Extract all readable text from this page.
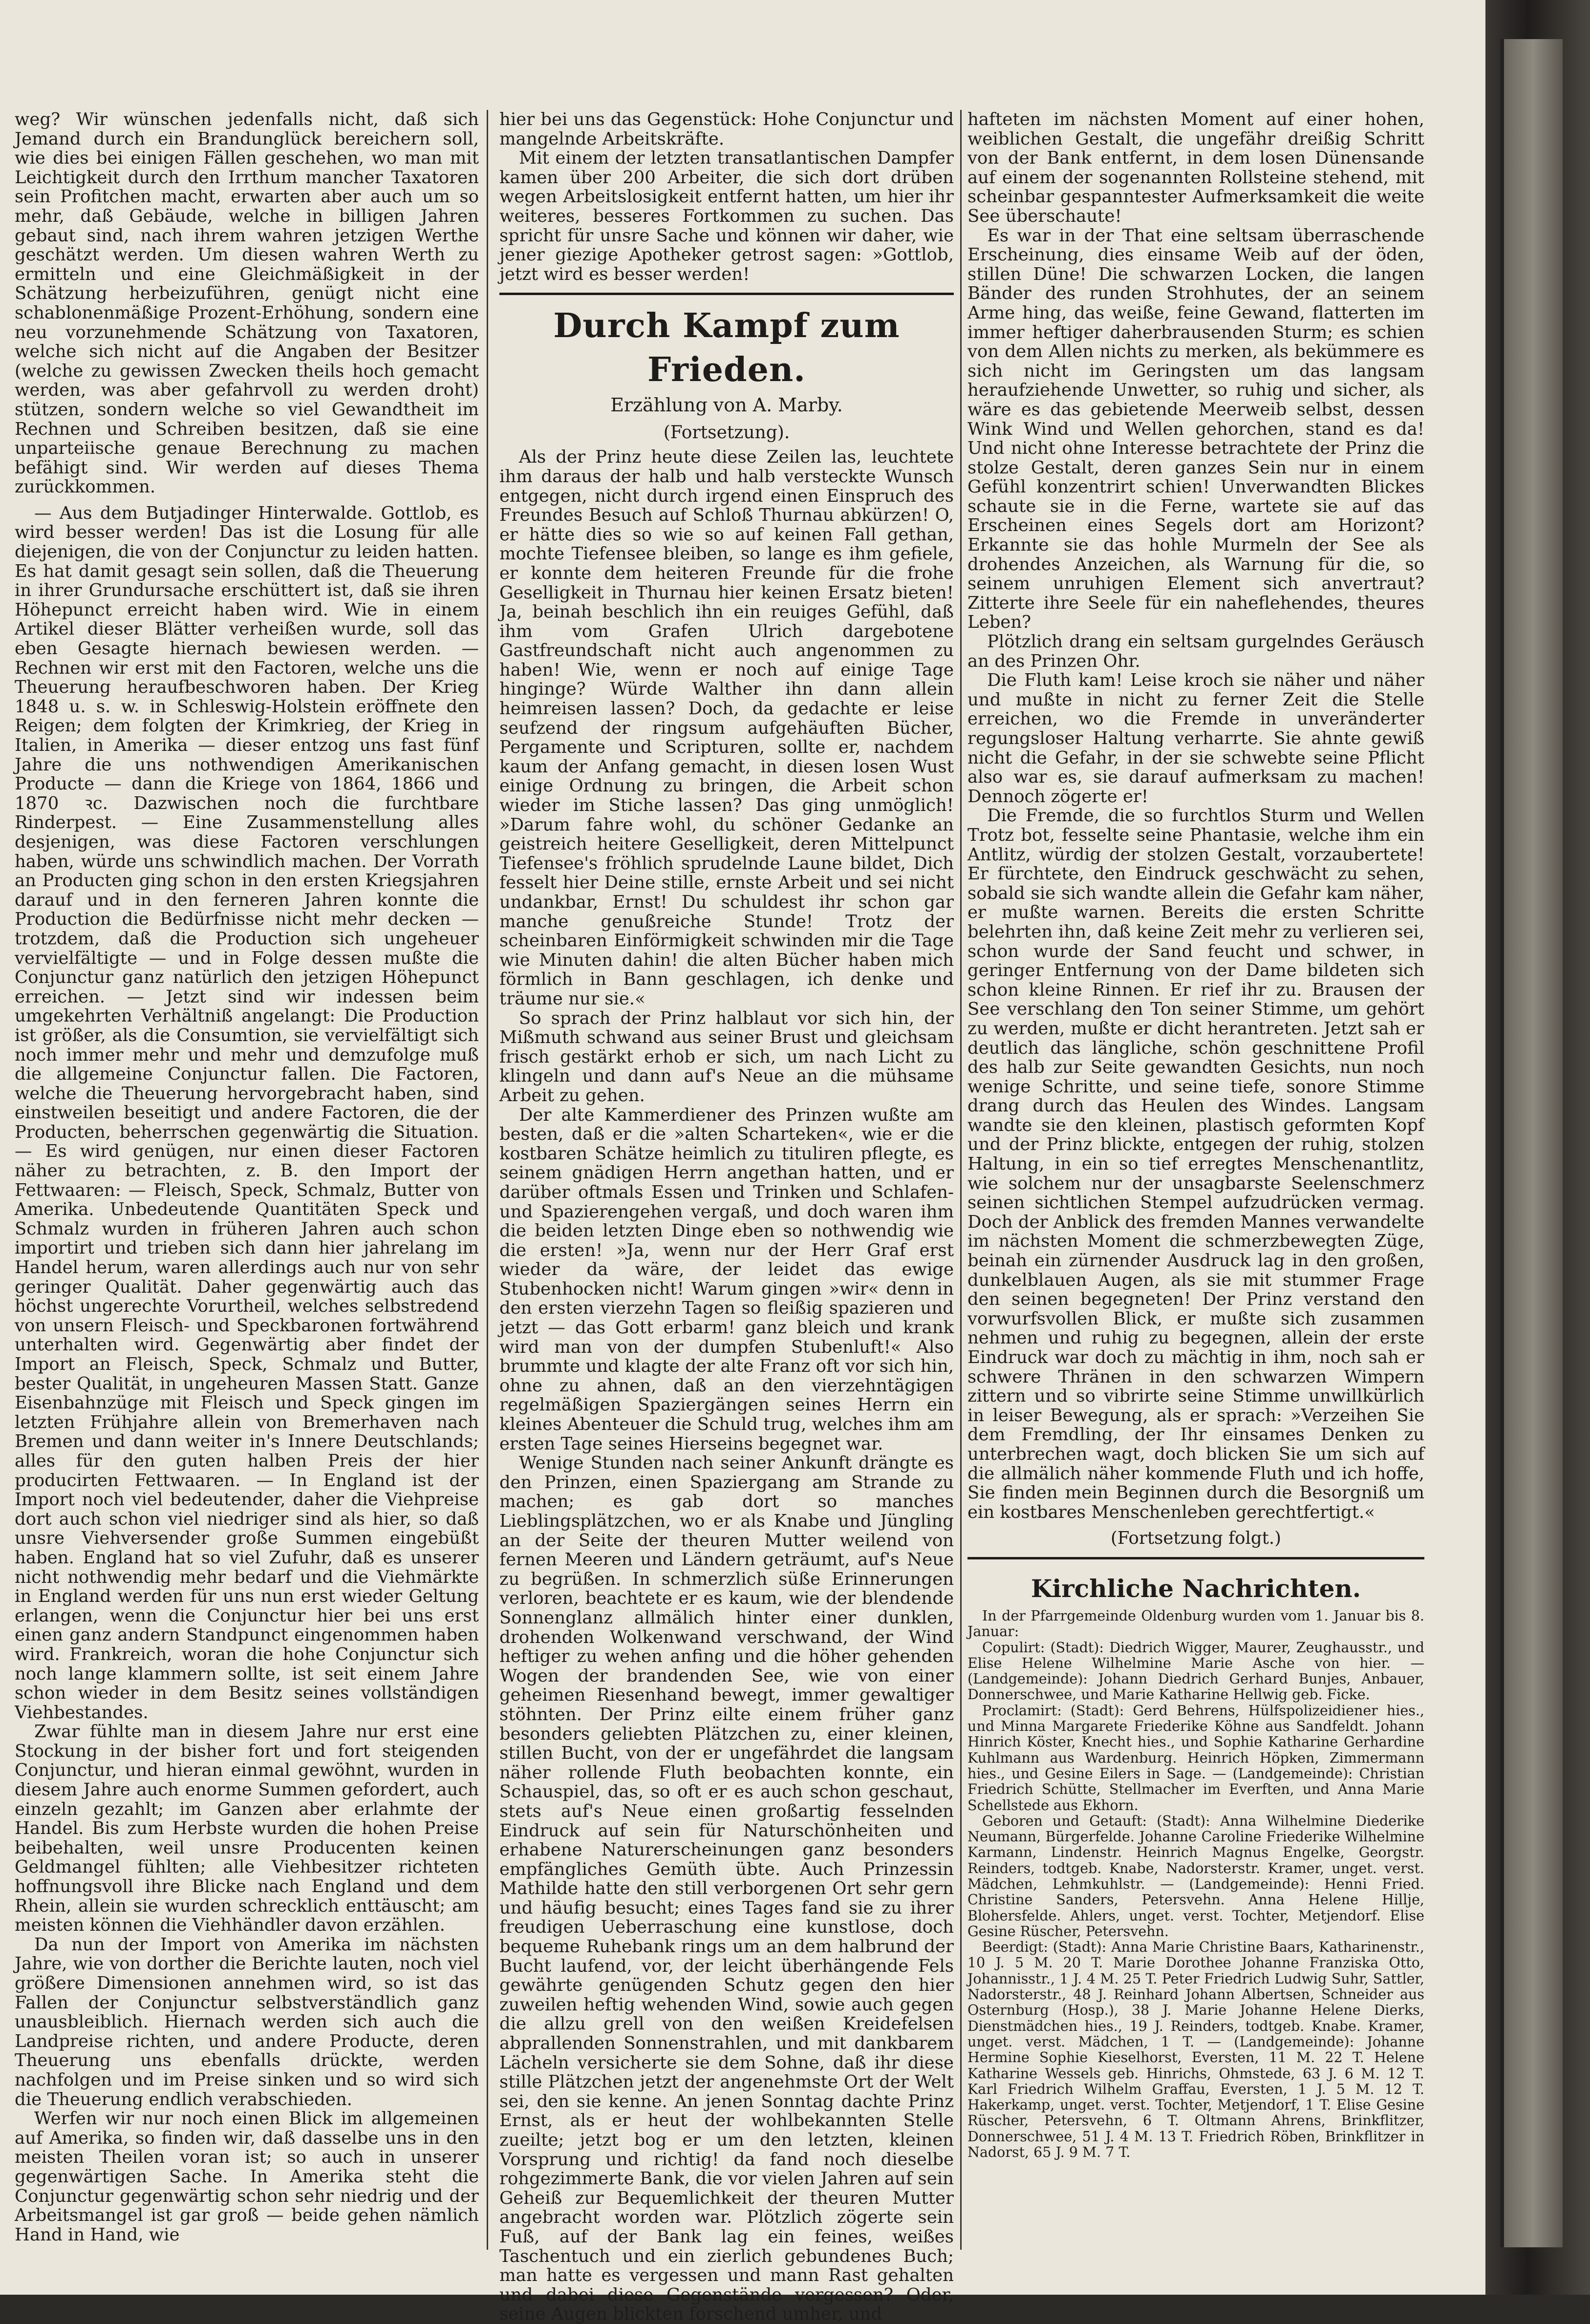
weg? Wir wünschen jedenfalls nicht, daß sich Jemand durch ein Brandunglück bereichern soll, wie dies bei einigen Fällen geschehen, wo man mit Leichtigkeit durch den Irrthum mancher Taxatoren sein Profitchen macht, erwarten aber auch um so mehr, daß Gebäude, welche in billigen Jahren gebaut sind, nach ihrem wahren jetzigen Werthe geschätzt werden. Um diesen wahren Werth zu ermitteln und eine Gleichmäßigkeit in der Schätzung herbeizuführen, genügt nicht eine schablonenmäßige Prozent-Erhöhung, sondern eine neu vorzunehmende Schätzung von Taxatoren, welche sich nicht auf die Angaben der Besitzer (welche zu gewissen Zwecken theils hoch gemacht werden, was aber gefahrvoll zu werden droht) stützen, sondern welche so viel Gewandtheit im Rechnen und Schreiben besitzen, daß sie eine unparteiische genaue Berechnung zu machen befähigt sind. Wir werden auf dieses Thema zurückkommen.

— Aus dem Butjadinger Hinterwalde. Gottlob, es wird besser werden! Das ist die Losung für alle diejenigen, die von der Conjunctur zu leiden hatten. Es hat damit gesagt sein sollen, daß die Theuerung in ihrer Grundursache erschüttert ist, daß sie ihren Höhepunct erreicht haben wird. Wie in einem Artikel dieser Blätter verheißen wurde, soll das eben Gesagte hiernach bewiesen werden. — Rechnen wir erst mit den Factoren, welche uns die Theuerung heraufbeschworen haben. Der Krieg 1848 u. s. w. in Schleswig-Holstein eröffnete den Reigen; dem folgten der Krimkrieg, der Krieg in Italien, in Amerika — dieser entzog uns fast fünf Jahre die uns nothwendigen Amerikanischen Producte — dann die Kriege von 1864, 1866 und 1870 ꝛc. Dazwischen noch die furchtbare Rinderpest. — Eine Zusammenstellung alles desjenigen, was diese Factoren verschlungen haben, würde uns schwindlich machen. Der Vorrath an Producten ging schon in den ersten Kriegsjahren darauf und in den ferneren Jahren konnte die Production die Bedürfnisse nicht mehr decken — trotzdem, daß die Production sich ungeheuer vervielfältigte — und in Folge dessen mußte die Conjunctur ganz natürlich den jetzigen Höhepunct erreichen. — Jetzt sind wir indessen beim umgekehrten Verhältniß angelangt: Die Production ist größer, als die Consumtion, sie vervielfältigt sich noch immer mehr und mehr und demzufolge muß die allgemeine Conjunctur fallen. Die Factoren, welche die Theuerung hervorgebracht haben, sind einstweilen beseitigt und andere Factoren, die der Producten, beherrschen gegenwärtig die Situation. — Es wird genügen, nur einen dieser Factoren näher zu betrachten, z. B. den Import der Fettwaaren: — Fleisch, Speck, Schmalz, Butter von Amerika. Unbedeutende Quantitäten Speck und Schmalz wurden in früheren Jahren auch schon importirt und trieben sich dann hier jahrelang im Handel herum, waren allerdings auch nur von sehr geringer Qualität. Daher gegenwärtig auch das höchst ungerechte Vorurtheil, welches selbstredend von unsern Fleisch- und Speckbaronen fortwährend unterhalten wird. Gegenwärtig aber findet der Import an Fleisch, Speck, Schmalz und Butter, bester Qualität, in ungeheuren Massen Statt. Ganze Eisenbahnzüge mit Fleisch und Speck gingen im letzten Frühjahre allein von Bremerhaven nach Bremen und dann weiter in's Innere Deutschlands; alles für den guten halben Preis der hier producirten Fettwaaren. — In England ist der Import noch viel bedeutender, daher die Viehpreise dort auch schon viel niedriger sind als hier, so daß unsre Viehversender große Summen eingebüßt haben. England hat so viel Zufuhr, daß es unserer nicht nothwendig mehr bedarf und die Viehmärkte in England werden für uns nun erst wieder Geltung erlangen, wenn die Conjunctur hier bei uns erst einen ganz andern Standpunct eingenommen haben wird. Frankreich, woran die hohe Conjunctur sich noch lange klammern sollte, ist seit einem Jahre schon wieder in dem Besitz seines vollständigen Viehbestandes.

Zwar fühlte man in diesem Jahre nur erst eine Stockung in der bisher fort und fort steigenden Conjunctur, und hieran einmal gewöhnt, wurden in diesem Jahre auch enorme Summen gefordert, auch einzeln gezahlt; im Ganzen aber erlahmte der Handel. Bis zum Herbste wurden die hohen Preise beibehalten, weil unsre Producenten keinen Geldmangel fühlten; alle Viehbesitzer richteten hoffnungsvoll ihre Blicke nach England und dem Rhein, allein sie wurden schrecklich enttäuscht; am meisten können die Viehhändler davon erzählen.

Da nun der Import von Amerika im nächsten Jahre, wie von dorther die Berichte lauten, noch viel größere Dimensionen annehmen wird, so ist das Fallen der Conjunctur selbstverständlich ganz unausbleiblich. Hiernach werden sich auch die Landpreise richten, und andere Producte, deren Theuerung uns ebenfalls drückte, werden nachfolgen und im Preise sinken und so wird sich die Theuerung endlich verabschieden.

Werfen wir nur noch einen Blick im allgemeinen auf Amerika, so finden wir, daß dasselbe uns in den meisten Theilen voran ist; so auch in unserer gegenwärtigen Sache. In Amerika steht die Conjunctur gegenwärtig schon sehr niedrig und der Arbeitsmangel ist gar groß — beide gehen nämlich Hand in Hand, wie

hier bei uns das Gegenstück: Hohe Conjunctur und mangelnde Arbeitskräfte.

Mit einem der letzten transatlantischen Dampfer kamen über 200 Arbeiter, die sich dort drüben wegen Arbeitslosigkeit entfernt hatten, um hier ihr weiteres, besseres Fortkommen zu suchen. Das spricht für unsre Sache und können wir daher, wie jener giezige Apotheker getrost sagen: »Gottlob, jetzt wird es besser werden!

Durch Kampf zum Frieden.
Erzählung von A. Marby.
(Fortsetzung).

Als der Prinz heute diese Zeilen las, leuchtete ihm daraus der halb und halb versteckte Wunsch entgegen, nicht durch irgend einen Einspruch des Freundes Besuch auf Schloß Thurnau abkürzen! O, er hätte dies so wie so auf keinen Fall gethan, mochte Tiefensee bleiben, so lange es ihm gefiele, er konnte dem heiteren Freunde für die frohe Geselligkeit in Thurnau hier keinen Ersatz bieten! Ja, beinah beschlich ihn ein reuiges Gefühl, daß ihm vom Grafen Ulrich dargebotene Gastfreundschaft nicht auch angenommen zu haben! Wie, wenn er noch auf einige Tage hinginge? Würde Walther ihn dann allein heimreisen lassen? Doch, da gedachte er leise seufzend der ringsum aufgehäuften Bücher, Pergamente und Scripturen, sollte er, nachdem kaum der Anfang gemacht, in diesen losen Wust einige Ordnung zu bringen, die Arbeit schon wieder im Stiche lassen? Das ging unmöglich! »Darum fahre wohl, du schöner Gedanke an geistreich heitere Geselligkeit, deren Mittelpunct Tiefensee's fröhlich sprudelnde Laune bildet, Dich fesselt hier Deine stille, ernste Arbeit und sei nicht undankbar, Ernst! Du schuldest ihr schon gar manche genußreiche Stunde! Trotz der scheinbaren Einförmigkeit schwinden mir die Tage wie Minuten dahin! die alten Bücher haben mich förmlich in Bann geschlagen, ich denke und träume nur sie.«

So sprach der Prinz halblaut vor sich hin, der Mißmuth schwand aus seiner Brust und gleichsam frisch gestärkt erhob er sich, um nach Licht zu klingeln und dann auf's Neue an die mühsame Arbeit zu gehen.

Der alte Kammerdiener des Prinzen wußte am besten, daß er die »alten Scharteken«, wie er die kostbaren Schätze heimlich zu tituliren pflegte, es seinem gnädigen Herrn angethan hatten, und er darüber oftmals Essen und Trinken und Schlafen- und Spazierengehen vergaß, und doch waren ihm die beiden letzten Dinge eben so nothwendig wie die ersten! »Ja, wenn nur der Herr Graf erst wieder da wäre, der leidet das ewige Stubenhocken nicht! Warum gingen »wir« denn in den ersten vierzehn Tagen so fleißig spazieren und jetzt — das Gott erbarm! ganz bleich und krank wird man von der dumpfen Stubenluft!« Also brummte und klagte der alte Franz oft vor sich hin, ohne zu ahnen, daß an den vierzehntägigen regelmäßigen Spaziergängen seines Herrn ein kleines Abenteuer die Schuld trug, welches ihm am ersten Tage seines Hierseins begegnet war.

Wenige Stunden nach seiner Ankunft drängte es den Prinzen, einen Spaziergang am Strande zu machen; es gab dort so manches Lieblingsplätzchen, wo er als Knabe und Jüngling an der Seite der theuren Mutter weilend von fernen Meeren und Ländern geträumt, auf's Neue zu begrüßen. In schmerzlich süße Erinnerungen verloren, beachtete er es kaum, wie der blendende Sonnenglanz allmälich hinter einer dunklen, drohenden Wolkenwand verschwand, der Wind heftiger zu wehen anfing und die höher gehenden Wogen der brandenden See, wie von einer geheimen Riesenhand bewegt, immer gewaltiger stöhnten. Der Prinz eilte einem früher ganz besonders geliebten Plätzchen zu, einer kleinen, stillen Bucht, von der er ungefährdet die langsam näher rollende Fluth beobachten konnte, ein Schauspiel, das, so oft er es auch schon geschaut, stets auf's Neue einen großartig fesselnden Eindruck auf sein für Naturschönheiten und erhabene Naturerscheinungen ganz besonders empfängliches Gemüth übte. Auch Prinzessin Mathilde hatte den still verborgenen Ort sehr gern und häufig besucht; eines Tages fand sie zu ihrer freudigen Ueberraschung eine kunstlose, doch bequeme Ruhebank rings um an dem halbrund der Bucht laufend, vor, der leicht überhängende Fels gewährte genügenden Schutz gegen den hier zuweilen heftig wehenden Wind, sowie auch gegen die allzu grell von den weißen Kreidefelsen abprallenden Sonnenstrahlen, und mit dankbarem Lächeln versicherte sie dem Sohne, daß ihr diese stille Plätzchen jetzt der angenehmste Ort der Welt sei, den sie kenne. An jenen Sonntag dachte Prinz Ernst, als er heut der wohlbekannten Stelle zueilte; jetzt bog er um den letzten, kleinen Vorsprung und richtig! da fand noch dieselbe rohgezimmerte Bank, die vor vielen Jahren auf sein Geheiß zur Bequemlichkeit der theuren Mutter angebracht worden war. Plötzlich zögerte sein Fuß, auf der Bank lag ein feines, weißes Taschentuch und ein zierlich gebundenes Buch; man hatte es vergessen und mann Rast gehalten und dabei diese Gegenstände vergessen? Oder, seine Augen blickten forschend umher, und

hafteten im nächsten Moment auf einer hohen, weiblichen Gestalt, die ungefähr dreißig Schritt von der Bank entfernt, in dem losen Dünensande auf einem der sogenannten Rollsteine stehend, mit scheinbar gespanntester Aufmerksamkeit die weite See überschaute!

Es war in der That eine seltsam überraschende Erscheinung, dies einsame Weib auf der öden, stillen Düne! Die schwarzen Locken, die langen Bänder des runden Strohhutes, der an seinem Arme hing, das weiße, feine Gewand, flatterten im immer heftiger daherbrausenden Sturm; es schien von dem Allen nichts zu merken, als bekümmere es sich nicht im Geringsten um das langsam heraufziehende Unwetter, so ruhig und sicher, als wäre es das gebietende Meerweib selbst, dessen Wink Wind und Wellen gehorchen, stand es da! Und nicht ohne Interesse betrachtete der Prinz die stolze Gestalt, deren ganzes Sein nur in einem Gefühl konzentrirt schien! Unverwandten Blickes schaute sie in die Ferne, wartete sie auf das Erscheinen eines Segels dort am Horizont? Erkannte sie das hohle Murmeln der See als drohendes Anzeichen, als Warnung für die, so seinem unruhigen Element sich anvertraut? Zitterte ihre Seele für ein naheflehendes, theures Leben?

Plötzlich drang ein seltsam gurgelndes Geräusch an des Prinzen Ohr.

Die Fluth kam! Leise kroch sie näher und näher und mußte in nicht zu ferner Zeit die Stelle erreichen, wo die Fremde in unveränderter regungsloser Haltung verharrte. Sie ahnte gewiß nicht die Gefahr, in der sie schwebte seine Pflicht also war es, sie darauf aufmerksam zu machen! Dennoch zögerte er!

Die Fremde, die so furchtlos Sturm und Wellen Trotz bot, fesselte seine Phantasie, welche ihm ein Antlitz, würdig der stolzen Gestalt, vorzaubertete! Er fürchtete, den Eindruck geschwächt zu sehen, sobald sie sich wandte allein die Gefahr kam näher, er mußte warnen. Bereits die ersten Schritte belehrten ihn, daß keine Zeit mehr zu verlieren sei, schon wurde der Sand feucht und schwer, in geringer Entfernung von der Dame bildeten sich schon kleine Rinnen. Er rief ihr zu. Brausen der See verschlang den Ton seiner Stimme, um gehört zu werden, mußte er dicht herantreten. Jetzt sah er deutlich das längliche, schön geschnittene Profil des halb zur Seite gewandten Gesichts, nun noch wenige Schritte, und seine tiefe, sonore Stimme drang durch das Heulen des Windes. Langsam wandte sie den kleinen, plastisch geformten Kopf und der Prinz blickte, entgegen der ruhig, stolzen Haltung, in ein so tief erregtes Menschenantlitz, wie solchem nur der unsagbarste Seelenschmerz seinen sichtlichen Stempel aufzudrücken vermag. Doch der Anblick des fremden Mannes verwandelte im nächsten Moment die schmerzbewegten Züge, beinah ein zürnender Ausdruck lag in den großen, dunkelblauen Augen, als sie mit stummer Frage den seinen begegneten! Der Prinz verstand den vorwurfsvollen Blick, er mußte sich zusammen nehmen und ruhig zu begegnen, allein der erste Eindruck war doch zu mächtig in ihm, noch sah er schwere Thränen in den schwarzen Wimpern zittern und so vibrirte seine Stimme unwillkürlich in leiser Bewegung, als er sprach: »Verzeihen Sie dem Fremdling, der Ihr einsames Denken zu unterbrechen wagt, doch blicken Sie um sich auf die allmälich näher kommende Fluth und ich hoffe, Sie finden mein Beginnen durch die Besorgniß um ein kostbares Menschenleben gerechtfertigt.«

(Fortsetzung folgt.)
Kirchliche Nachrichten.

In der Pfarrgemeinde Oldenburg wurden vom 1. Januar bis 8. Januar:

Copulirt: (Stadt): Diedrich Wigger, Maurer, Zeughausstr., und Elise Helene Wilhelmine Marie Asche von hier. — (Landgemeinde): Johann Diedrich Gerhard Bunjes, Anbauer, Donnerschwee, und Marie Katharine Hellwig geb. Ficke.

Proclamirt: (Stadt): Gerd Behrens, Hülfspolizeidiener hies., und Minna Margarete Friederike Köhne aus Sandfeldt. Johann Hinrich Köster, Knecht hies., und Sophie Katharine Gerhardine Kuhlmann aus Wardenburg. Heinrich Höpken, Zimmermann hies., und Gesine Eilers in Sage. — (Landgemeinde): Christian Friedrich Schütte, Stellmacher im Everften, und Anna Marie Schellstede aus Ekhorn.

Geboren und Getauft: (Stadt): Anna Wilhelmine Diederike Neumann, Bürgerfelde. Johanne Caroline Friederike Wilhelmine Karmann, Lindenstr. Heinrich Magnus Engelke, Georgstr. Reinders, todtgeb. Knabe, Nadorsterstr. Kramer, unget. verst. Mädchen, Lehmkuhlstr. — (Landgemeinde): Henni Fried. Christine Sanders, Petersvehn. Anna Helene Hillje, Blohersfelde. Ahlers, unget. verst. Tochter, Metjendorf. Elise Gesine Rüscher, Petersvehn.

Beerdigt: (Stadt): Anna Marie Christine Baars, Katharinenstr., 10 J. 5 M. 20 T. Marie Dorothee Johanne Franziska Otto, Johannisstr., 1 J. 4 M. 25 T. Peter Friedrich Ludwig Suhr, Sattler, Nadorsterstr., 48 J. Reinhard Johann Albertsen, Schneider aus Osternburg (Hosp.), 38 J. Marie Johanne Helene Dierks, Dienstmädchen hies., 19 J. Reinders, todtgeb. Knabe. Kramer, unget. verst. Mädchen, 1 T. — (Landgemeinde): Johanne Hermine Sophie Kieselhorst, Eversten, 11 M. 22 T. Helene Katharine Wessels geb. Hinrichs, Ohmstede, 63 J. 6 M. 12 T. Karl Friedrich Wilhelm Graffau, Eversten, 1 J. 5 M. 12 T. Hakerkamp, unget. verst. Tochter, Metjendorf, 1 T. Elise Gesine Rüscher, Petersvehn, 6 T. Oltmann Ahrens, Brinkflitzer, Donnerschwee, 51 J. 4 M. 13 T. Friedrich Röben, Brinkflitzer in Nadorst, 65 J. 9 M. 7 T.
